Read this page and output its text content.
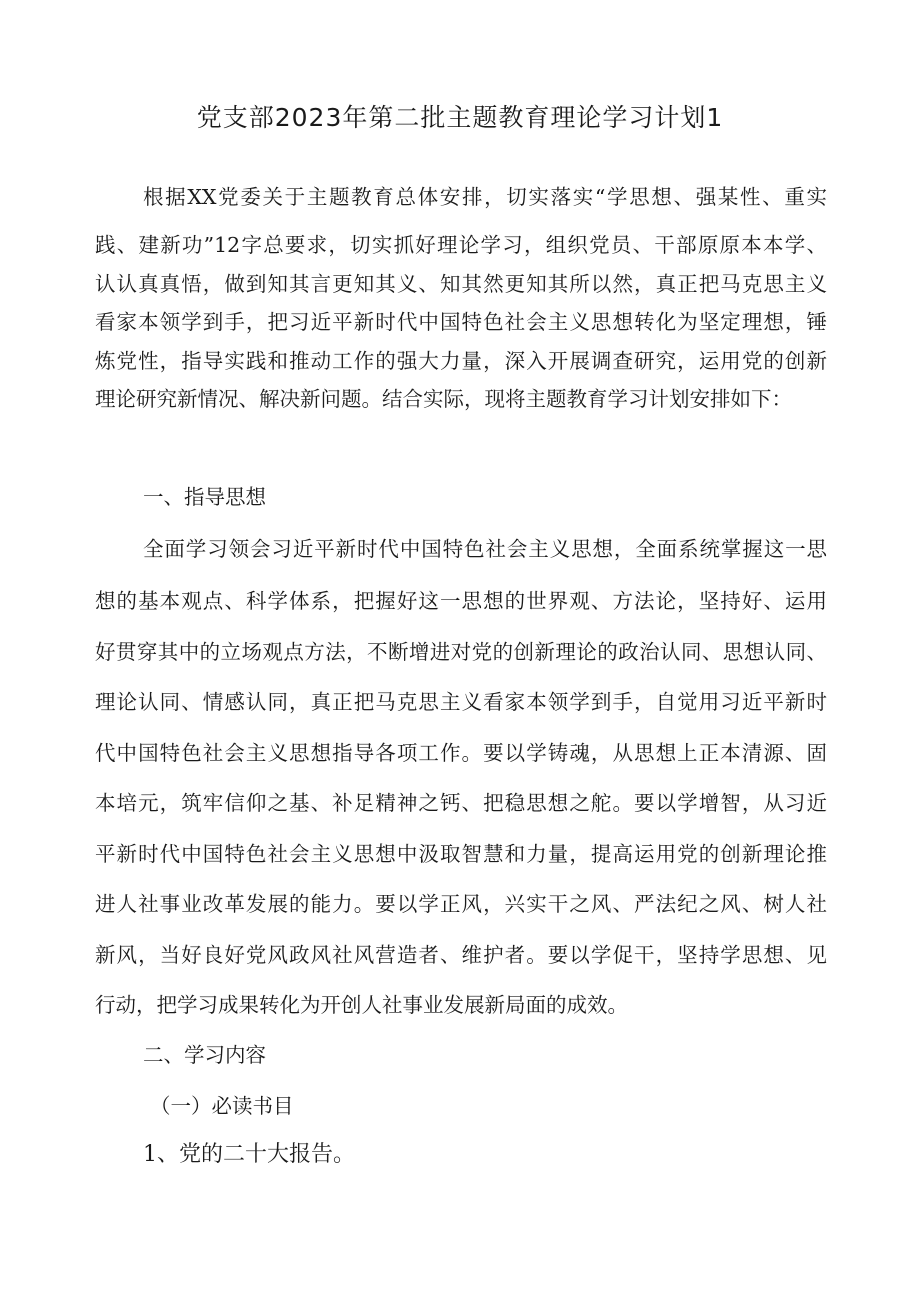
党支部2023年第二批主题教育理论学习计划1
根据XX党委关于主题教育总体安排，切实落实“学思想、强某性、重实
践、建新功”12字总要求，切实抓好理论学习，组织党员、干部原原本本学、
认认真真悟，做到知其言更知其义、知其然更知其所以然，真正把马克思主义
看家本领学到手，把习近平新时代中国特色社会主义思想转化为坚定理想，锤
炼党性，指导实践和推动工作的强大力量，深入开展调查研究，运用党的创新
理论研究新情况、解决新问题。结合实际，现将主题教育学习计划安排如下：
一、指导思想
全面学习领会习近平新时代中国特色社会主义思想，全面系统掌握这一思
想的基本观点、科学体系，把握好这一思想的世界观、方法论，坚持好、运用
好贯穿其中的立场观点方法，不断增进对党的创新理论的政治认同、思想认同、
理论认同、情感认同，真正把马克思主义看家本领学到手，自觉用习近平新时
代中国特色社会主义思想指导各项工作。要以学铸魂，从思想上正本清源、固
本培元，筑牢信仰之基、补足精神之钙、把稳思想之舵。要以学增智，从习近
平新时代中国特色社会主义思想中汲取智慧和力量，提高运用党的创新理论推
进人社事业改革发展的能力。要以学正风，兴实干之风、严法纪之风、树人社
新风，当好良好党风政风社风营造者、维护者。要以学促干，坚持学思想、见
行动，把学习成果转化为开创人社事业发展新局面的成效。
二、学习内容
（一）必读书目
1、党的二十大报告。
